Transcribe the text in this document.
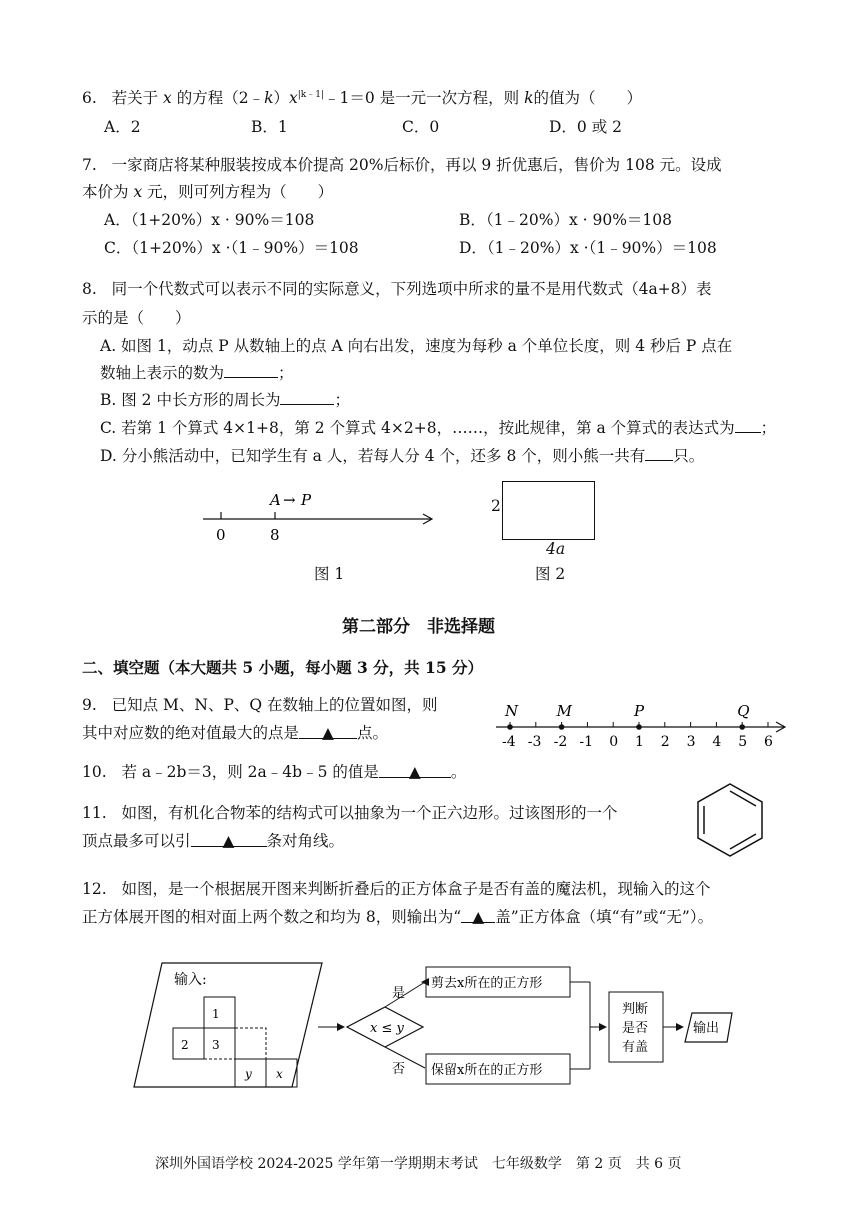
6. 若关于 x 的方程$(2﹣k)x^{|k﹣1|}﹣1=0$ 是一元一次方程，则 k的值为（　　）
A．2	B．1	C．0	D．0 或 2
7. 一家商店将某种服装按成本价提高 20%后标价，再以 9 折优惠后，售价为 108 元。设成
本价为 x 元，则可列方程为（　　）
A．（1+20%）x · 90%＝108	B．（1﹣20%）x · 90%＝108
C．（1+20%）x ·（1﹣90%）＝108	D．（1﹣20%）x ·（1﹣90%）＝108
8. 同一个代数式可以表示不同的实际意义，下列选项中所求的量不是用代数式（4a+8）表
示的是（　　）
A. 如图 1，动点 P 从数轴上的点 A 向右出发，速度为每秒 a 个单位长度，则 4 秒后 P 点在
数轴上表示的数为	；
B. 图 2 中长方形的周长为	；
C. 若第 1 个算式 4×1+8，第 2 个算式 4×2+8，……，按此规律，第 a 个算式的表达式为 ；
D. 分小熊活动中，已知学生有 a 人，若每人分 4 个，还多 8 个，则小熊一共有 只。
0	8
A → P
图 1
2
4a
图 2
第二部分　非选择题
二、填空题（本大题共 5 小题，每小题 3 分，共 15 分）
9. 已知点 M、N、P、Q 在数轴上的位置如图，则
其中对应数的绝对值最大的点是 ▲ 点。	-4 -3 -2 -1 0 1 2 3 4 5 6
N	M	P	Q
10. 若 a﹣2b＝3，则 2a﹣4b﹣5 的值是 ▲ 。
11. 如图，有机化合物苯的结构式可以抽象为一个正六边形。过该图形的一个
顶点最多可以引 ▲ 条对角线。
12. 如图，是一个根据展开图来判断折叠后的正方体盒子是否有盖的魔法机，现输入的这个
正方体展开图的相对面上两个数之和均为 8，则输出为“ ▲ 盖”正方体盒（填“有”或“无”）。
输入:
1
2 3
y x
x ≤ y
是
剪去x所在的正方形
否 保留x所在的正方形
判断
是否
有盖
输出
深圳外国语学校 2024-2025 学年第一学期期末考试　七年级数学　第 2 页　共 6 页
